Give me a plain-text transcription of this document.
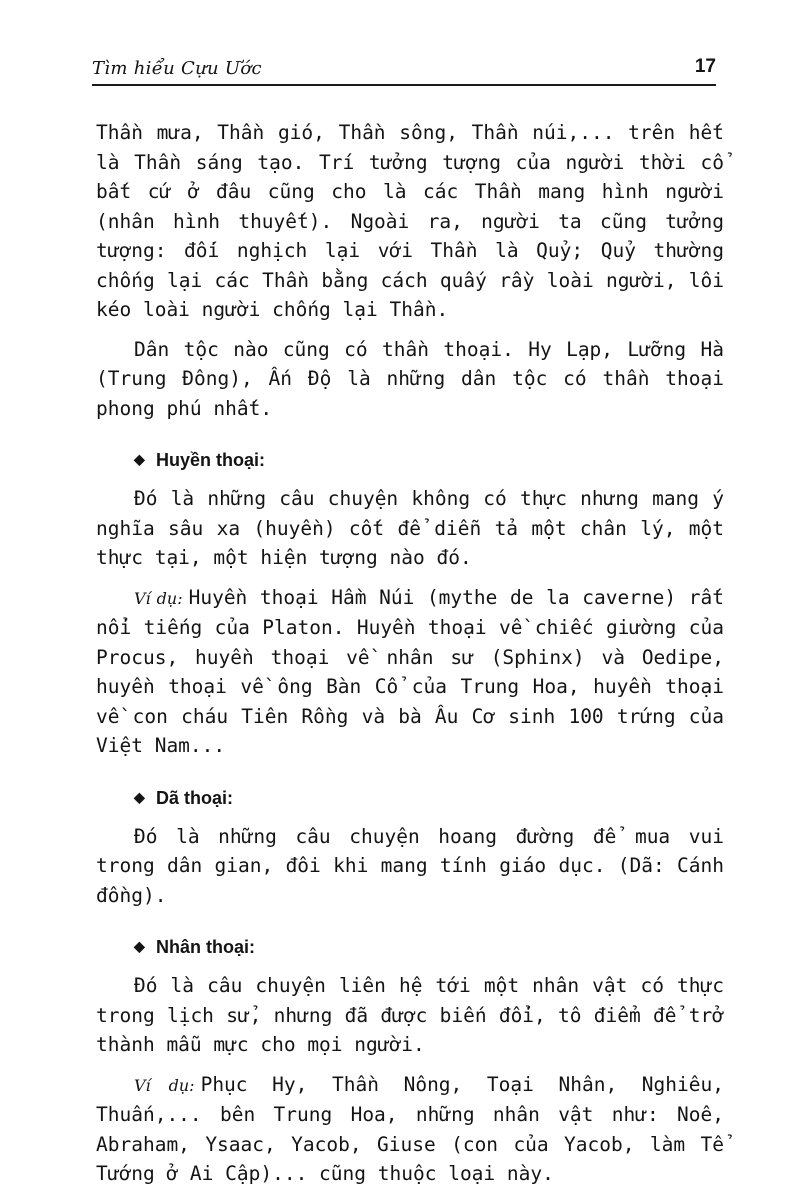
Tìm hiểu Cựu Ước	17

Thần mưa, Thần gió, Thần sông, Thần núi,... trên hết là Thần sáng tạo. Trí tưởng tượng của người thời cổ bất cứ ở đâu cũng cho là các Thần mang hình người (nhân hình thuyết). Ngoài ra, người ta cũng tưởng tượng: đối nghịch lại với Thần là Quỷ; Quỷ thường chống lại các Thần bằng cách quấy rầy loài người, lôi kéo loài người chống lại Thần.

Dân tộc nào cũng có thần thoại. Hy Lạp, Lưỡng Hà (Trung Đông), Ấn Độ là những dân tộc có thần thoại phong phú nhất.

◆ Huyền thoại:

Đó là những câu chuyện không có thực nhưng mang ý nghĩa sâu xa (huyền) cốt để diễn tả một chân lý, một thực tại, một hiện tượng nào đó.

Ví dụ: Huyền thoại Hầm Núi (mythe de la caverne) rất nổi tiếng của Platon. Huyền thoại về chiếc giường của Procus, huyền thoại về nhân sư (Sphinx) và Oedipe, huyền thoại về ông Bàn Cổ của Trung Hoa, huyền thoại về con cháu Tiên Rồng và bà Âu Cơ sinh 100 trứng của Việt Nam...

◆ Dã thoại:

Đó là những câu chuyện hoang đường để mua vui trong dân gian, đôi khi mang tính giáo dục. (Dã: Cánh đồng).

◆ Nhân thoại:

Đó là câu chuyện liên hệ tới một nhân vật có thực trong lịch sử, nhưng đã được biến đổi, tô điểm để trở thành mẫu mực cho mọi người.

Ví dụ: Phục Hy, Thần Nông, Toại Nhân, Nghiêu, Thuấn,... bên Trung Hoa, những nhân vật như: Noê, Abraham, Ysaac, Yacob, Giuse (con của Yacob, làm Tể Tướng ở Ai Cập)... cũng thuộc loại này.
